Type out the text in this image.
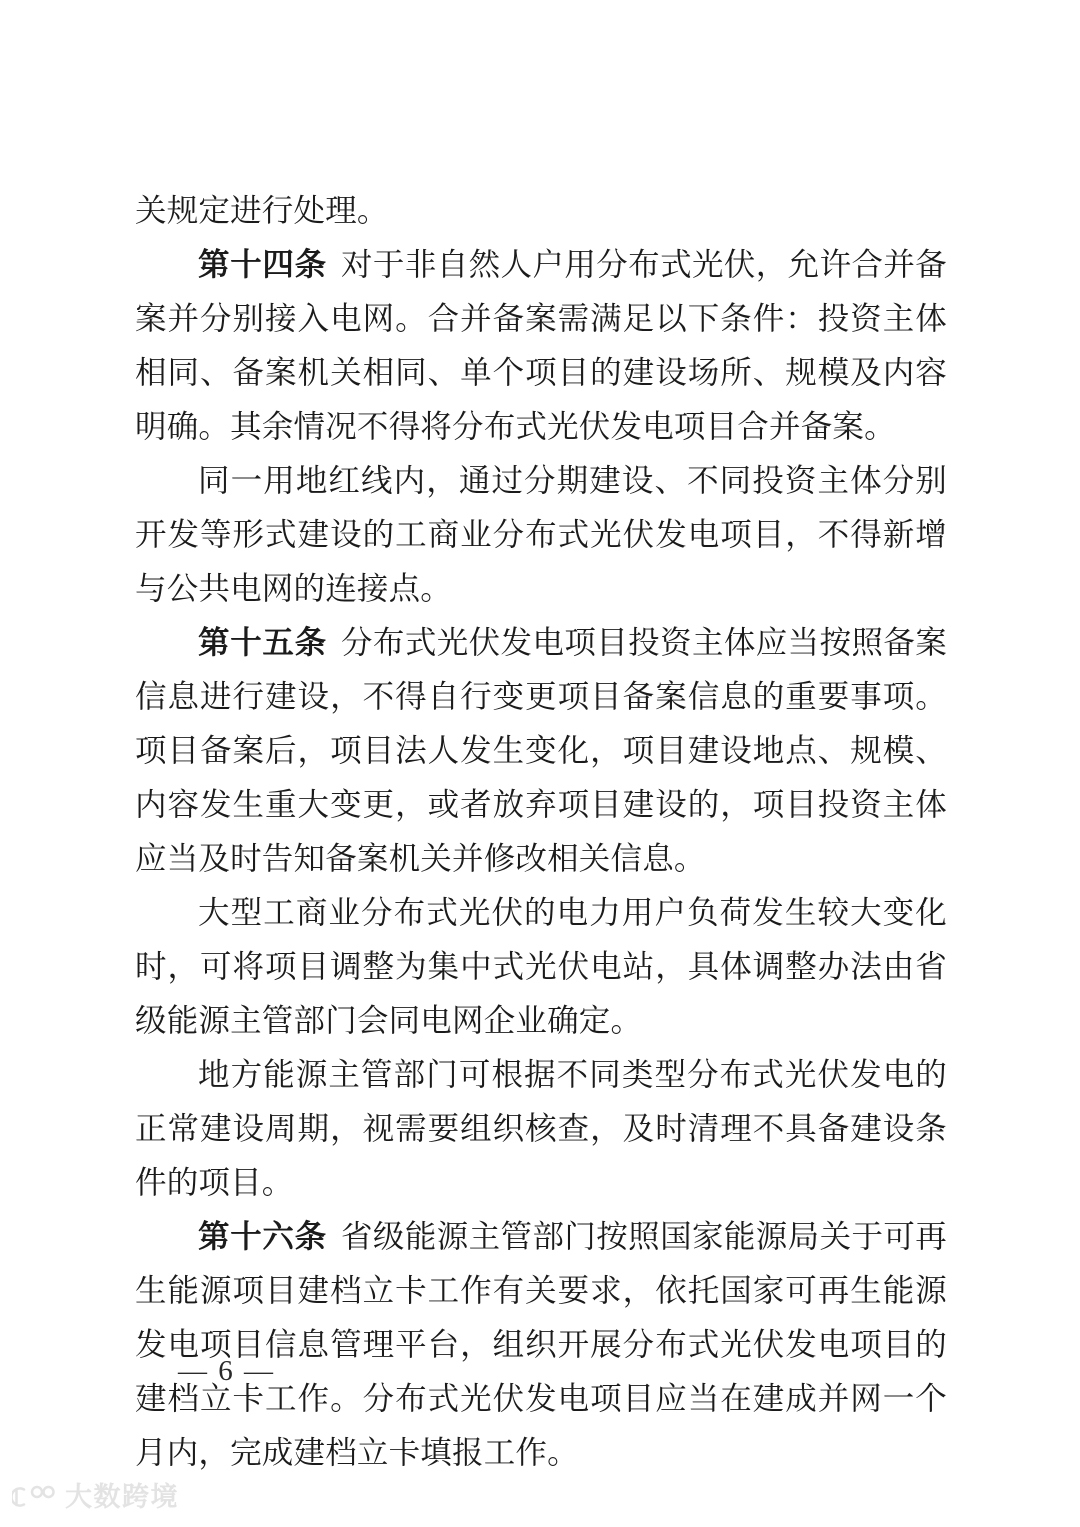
关规定进行处理。

第十四条 对于非自然人户用分布式光伏，允许合并备案并分别接入电网。合并备案需满足以下条件：投资主体相同、备案机关相同、单个项目的建设场所、规模及内容明确。其余情况不得将分布式光伏发电项目合并备案。

同一用地红线内，通过分期建设、不同投资主体分别开发等形式建设的工商业分布式光伏发电项目，不得新增与公共电网的连接点。

第十五条 分布式光伏发电项目投资主体应当按照备案信息进行建设，不得自行变更项目备案信息的重要事项。项目备案后，项目法人发生变化，项目建设地点、规模、内容发生重大变更，或者放弃项目建设的，项目投资主体应当及时告知备案机关并修改相关信息。

大型工商业分布式光伏的电力用户负荷发生较大变化时，可将项目调整为集中式光伏电站，具体调整办法由省级能源主管部门会同电网企业确定。

地方能源主管部门可根据不同类型分布式光伏发电的正常建设周期，视需要组织核查，及时清理不具备建设条件的项目。

第十六条 省级能源主管部门按照国家能源局关于可再生能源项目建档立卡工作有关要求，依托国家可再生能源发电项目信息管理平台，组织开展分布式光伏发电项目的建档立卡工作。分布式光伏发电项目应当在建成并网一个月内，完成建档立卡填报工作。

— 6 —
大数跨境
